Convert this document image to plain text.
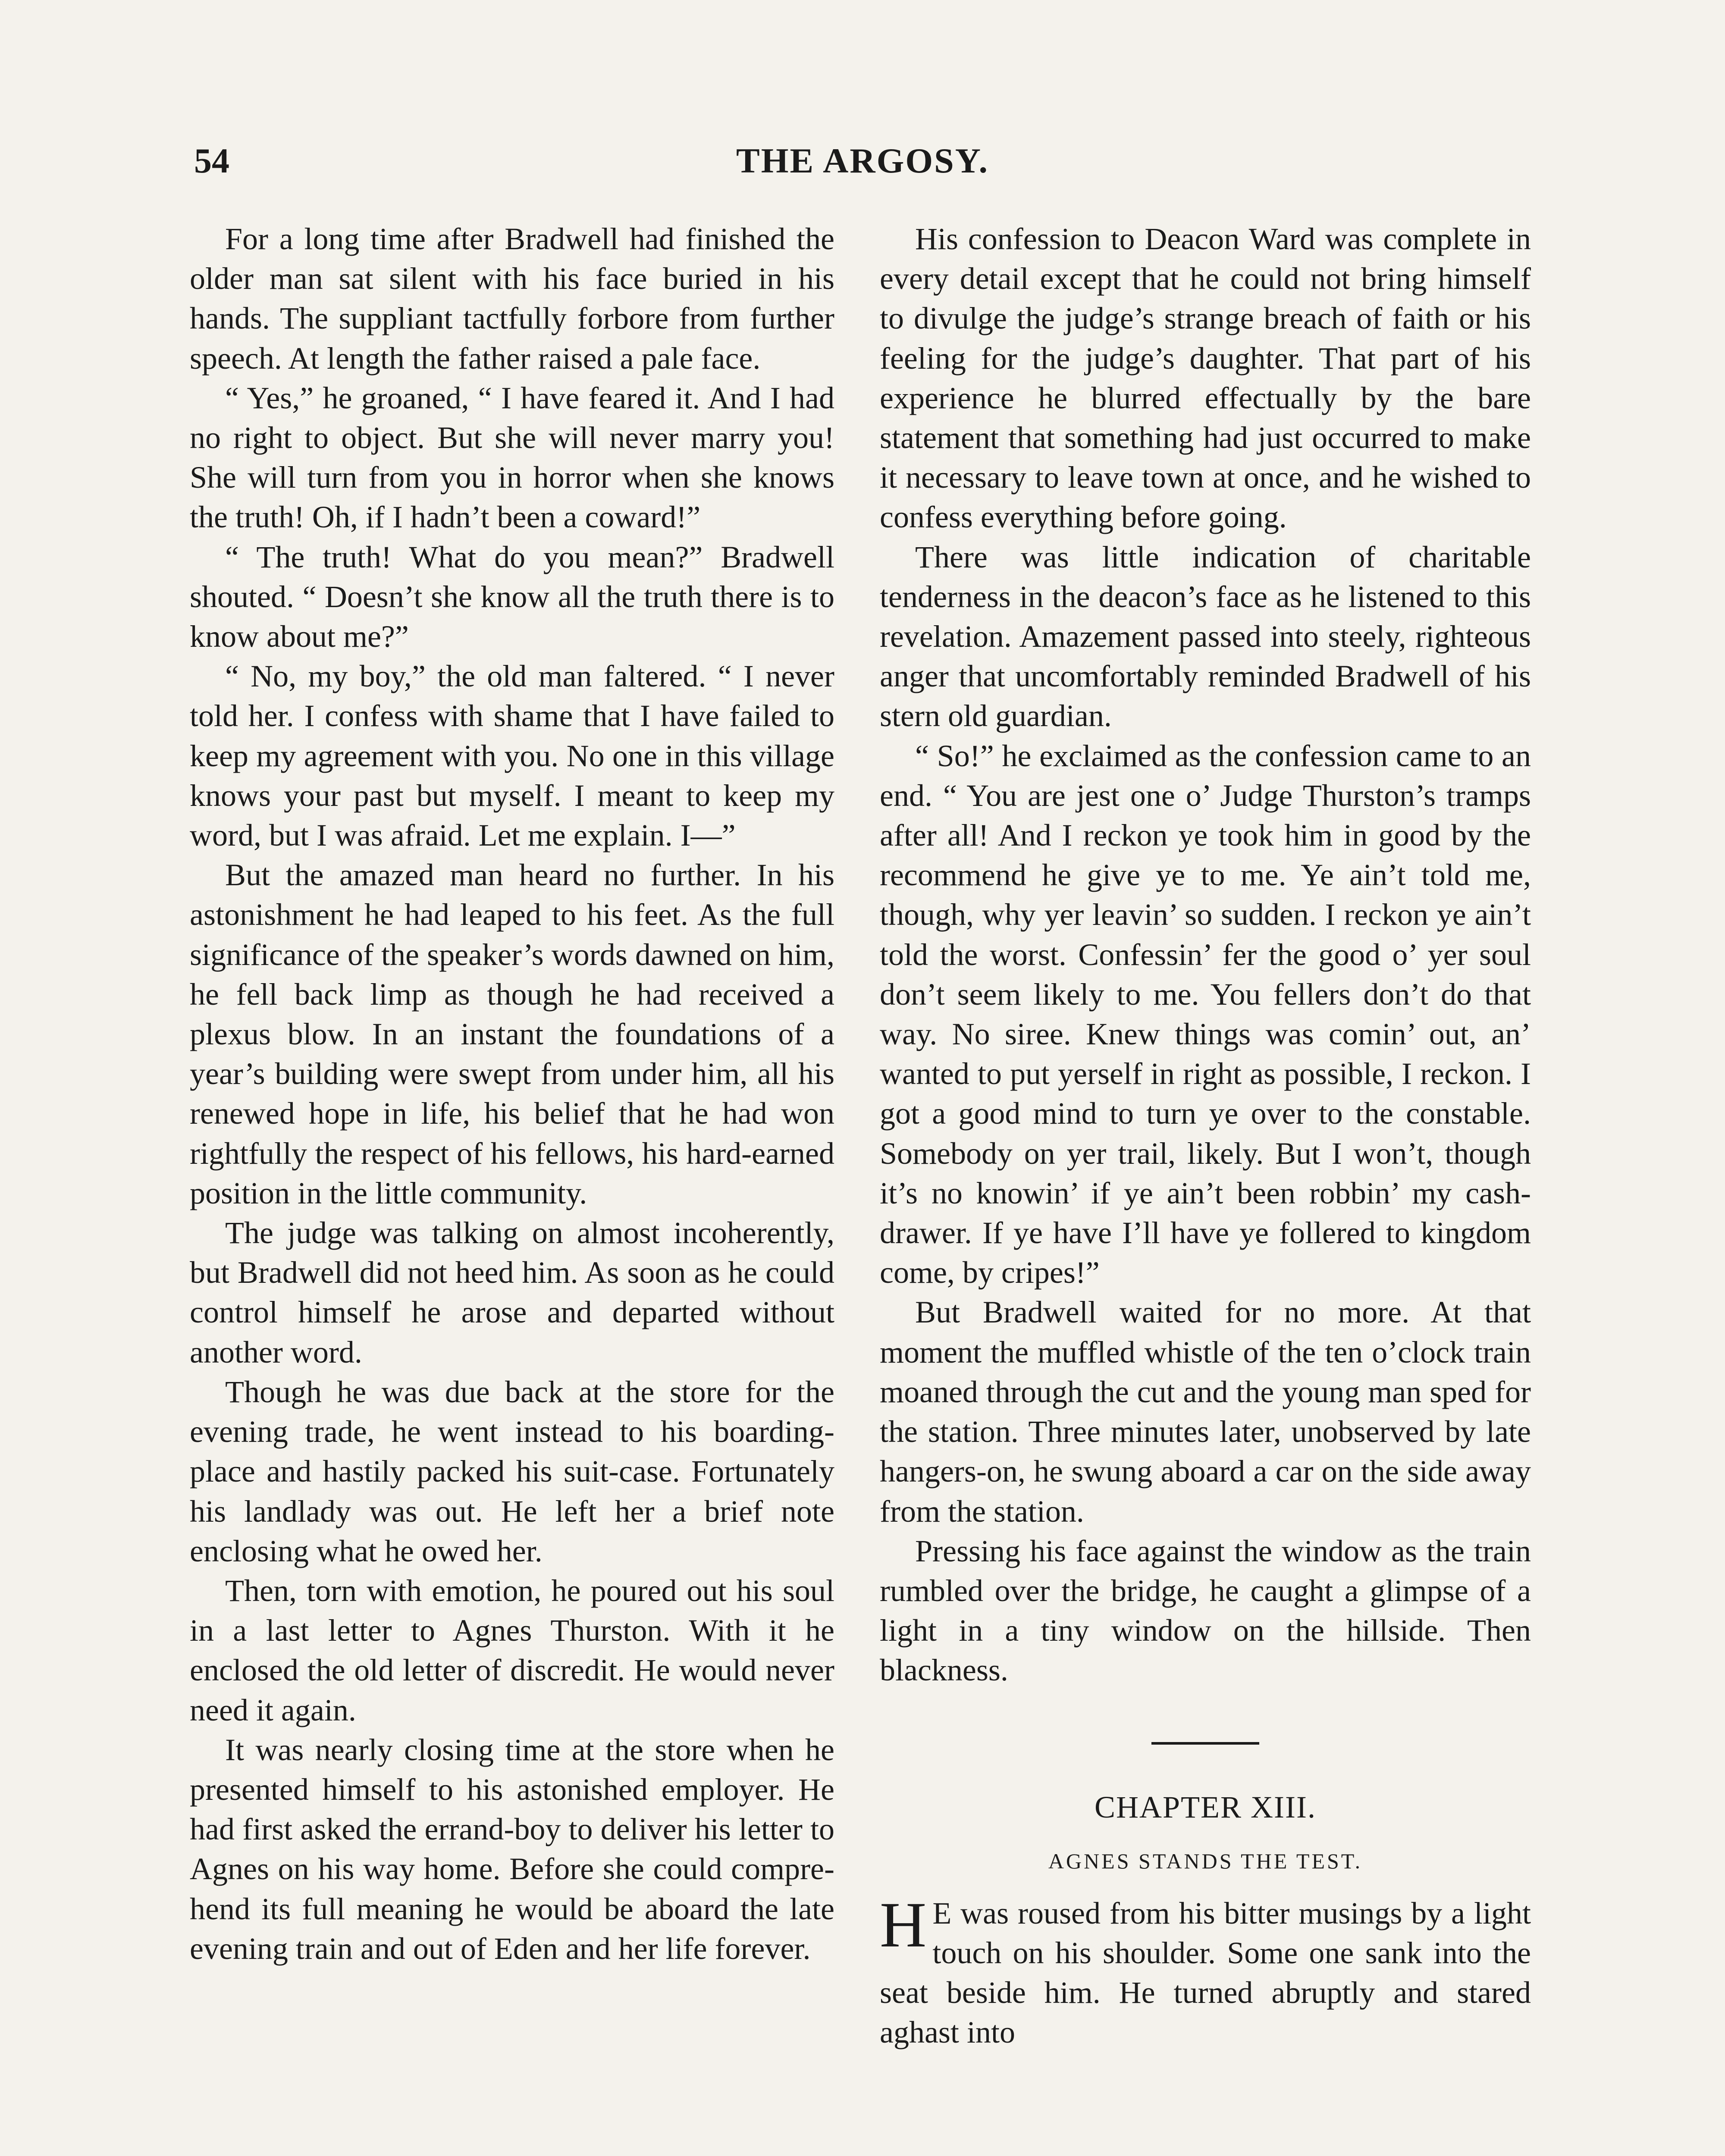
54	THE ARGOSY.

For a long time after Bradwell had finished the older man sat silent with his face buried in his hands. The suppliant tactfully forbore from further speech. At length the father raised a pale face.

“ Yes,” he groaned, “ I have feared it. And I had no right to object. But she will never marry you! She will turn from you in horror when she knows the truth! Oh, if I hadn’t been a coward!”

“ The truth! What do you mean?” Bradwell shouted. “ Doesn’t she know all the truth there is to know about me?”

“ No, my boy,” the old man faltered. “ I never told her. I confess with shame that I have failed to keep my agreement with you. No one in this village knows your past but myself. I meant to keep my word, but I was afraid. Let me explain. I—”

But the amazed man heard no further. In his astonishment he had leaped to his feet. As the full significance of the speaker’s words dawned on him, he fell back limp as though he had received a plexus blow. In an instant the foundations of a year’s building were swept from under him, all his renewed hope in life, his belief that he had won rightfully the respect of his fellows, his hard-earned position in the little community.

The judge was talking on almost incoherently, but Bradwell did not heed him. As soon as he could control himself he arose and departed without another word.

Though he was due back at the store for the evening trade, he went instead to his boarding-place and hastily packed his suit-case. Fortunately his landlady was out. He left her a brief note enclosing what he owed her.

Then, torn with emotion, he poured out his soul in a last letter to Agnes Thurston. With it he enclosed the old letter of discredit. He would never need it again.

It was nearly closing time at the store when he presented himself to his astonished employer. He had first asked the errand-boy to deliver his letter to Agnes on his way home. Before she could comprehend its full meaning he would be aboard the late evening train and out of Eden and her life forever.

His confession to Deacon Ward was complete in every detail except that he could not bring himself to divulge the judge’s strange breach of faith or his feeling for the judge’s daughter. That part of his experience he blurred effectually by the bare statement that something had just occurred to make it necessary to leave town at once, and he wished to confess everything before going.

There was little indication of charitable tenderness in the deacon’s face as he listened to this revelation. Amazement passed into steely, righteous anger that uncomfortably reminded Bradwell of his stern old guardian.

“ So!” he exclaimed as the confession came to an end. “ You are jest one o’ Judge Thurston’s tramps after all! And I reckon ye took him in good by the recommend he give ye to me. Ye ain’t told me, though, why yer leavin’ so sudden. I reckon ye ain’t told the worst. Confessin’ fer the good o’ yer soul don’t seem likely to me. You fellers don’t do that way. No siree. Knew things was comin’ out, an’ wanted to put yerself in right as possible, I reckon. I got a good mind to turn ye over to the constable. Somebody on yer trail, likely. But I won’t, though it’s no knowin’ if ye ain’t been robbin’ my cashdrawer. If ye have I’ll have ye follered to kingdom come, by cripes!”

But Bradwell waited for no more. At that moment the muffled whistle of the ten o’clock train moaned through the cut and the young man sped for the station. Three minutes later, unobserved by late hangers-on, he swung aboard a car on the side away from the station.

Pressing his face against the window as the train rumbled over the bridge, he caught a glimpse of a light in a tiny window on the hillside. Then blackness.

CHAPTER XIII.
AGNES STANDS THE TEST.

H E was roused from his bitter musings by a light touch on his shoulder. Some one sank into the seat beside him. He turned abruptly and stared aghast into
